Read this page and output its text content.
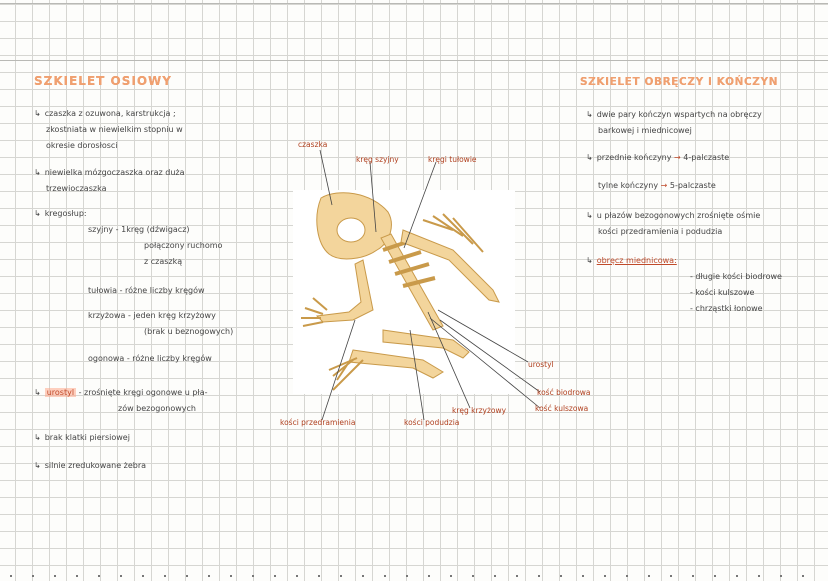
SZKIELET OSIOWY
↳ czaszka z ozuwona, karstrukcja ;
zkostniata w niewielkim stopniu w
okresie dorosłosci
↳ niewielka mózgoczaszka oraz duża
trzewioczaszka
↳ kregosłup:
szyjny - 1kręg (dźwigacz)
połączony ruchomo
z czaszką
tułowia - różne liczby kręgów
krzyżowa - jeden kręg krzyżowy
(brak u beznogowych)
ogonowa - różne liczby kręgów
↳ urostyl - zrośnięte kręgi ogonowe u pła-
zów bezogonowych
↳ brak klatki piersiowej
↳ silnie zredukowane żebra
SZKIELET OBRĘCZY I KOŃCZYN
↳ dwie pary kończyn wspartych na obręczy
barkowej i miednicowej
↳ przednie kończyny → 4-palczaste
tylne kończyny → 5-palczaste
↳ u płazów bezogonowych zrośnięte ośmie
kości przedramienia i podudzia
↳ obręcz miednicowa:
- długie kości biodrowe
- kości kulszowe
- chrząstki łonowe
czaszka
kręg szyjny	kręgi tułowie
urostyl
kość biodrowa
kość kulszowa
kręg krzyżowy
kości podudzia
kości przedramienia
